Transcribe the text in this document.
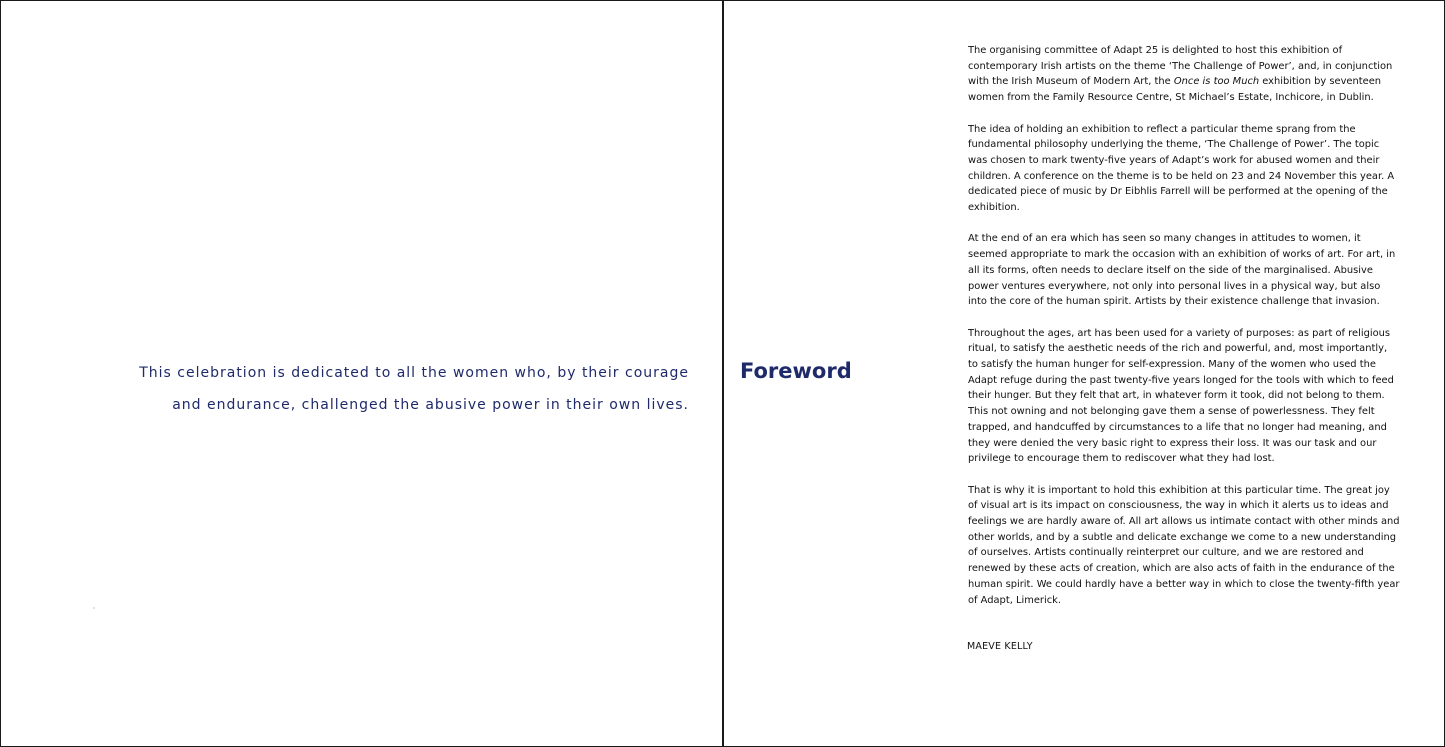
This celebration is dedicated to all the women who, by their courage
and endurance, challenged the abusive power in their own lives.

Foreword

The organising committee of Adapt 25 is delighted to host this exhibition of contemporary Irish artists on the theme ‘The Challenge of Power’, and, in conjunction with the Irish Museum of Modern Art, the Once is too Much exhibition by seventeen women from the Family Resource Centre, St Michael’s Estate, Inchicore, in Dublin.

The idea of holding an exhibition to reflect a particular theme sprang from the fundamental philosophy underlying the theme, ‘The Challenge of Power’. The topic was chosen to mark twenty-five years of Adapt’s work for abused women and their children. A conference on the theme is to be held on 23 and 24 November this year. A dedicated piece of music by Dr Eibhlis Farrell will be performed at the opening of the exhibition.

At the end of an era which has seen so many changes in attitudes to women, it seemed appropriate to mark the occasion with an exhibition of works of art. For art, in all its forms, often needs to declare itself on the side of the marginalised. Abusive power ventures everywhere, not only into personal lives in a physical way, but also into the core of the human spirit. Artists by their existence challenge that invasion.

Throughout the ages, art has been used for a variety of purposes: as part of religious ritual, to satisfy the aesthetic needs of the rich and powerful, and, most importantly, to satisfy the human hunger for self-expression. Many of the women who used the Adapt refuge during the past twenty-five years longed for the tools with which to feed their hunger. But they felt that art, in whatever form it took, did not belong to them. This not owning and not belonging gave them a sense of powerlessness. They felt trapped, and handcuffed by circumstances to a life that no longer had meaning, and they were denied the very basic right to express their loss. It was our task and our privilege to encourage them to rediscover what they had lost.

That is why it is important to hold this exhibition at this particular time. The great joy of visual art is its impact on consciousness, the way in which it alerts us to ideas and feelings we are hardly aware of. All art allows us intimate contact with other minds and other worlds, and by a subtle and delicate exchange we come to a new understanding of ourselves. Artists continually reinterpret our culture, and we are restored and renewed by these acts of creation, which are also acts of faith in the endurance of the human spirit. We could hardly have a better way in which to close the twenty-fifth year of Adapt, Limerick.

MAEVE KELLY
